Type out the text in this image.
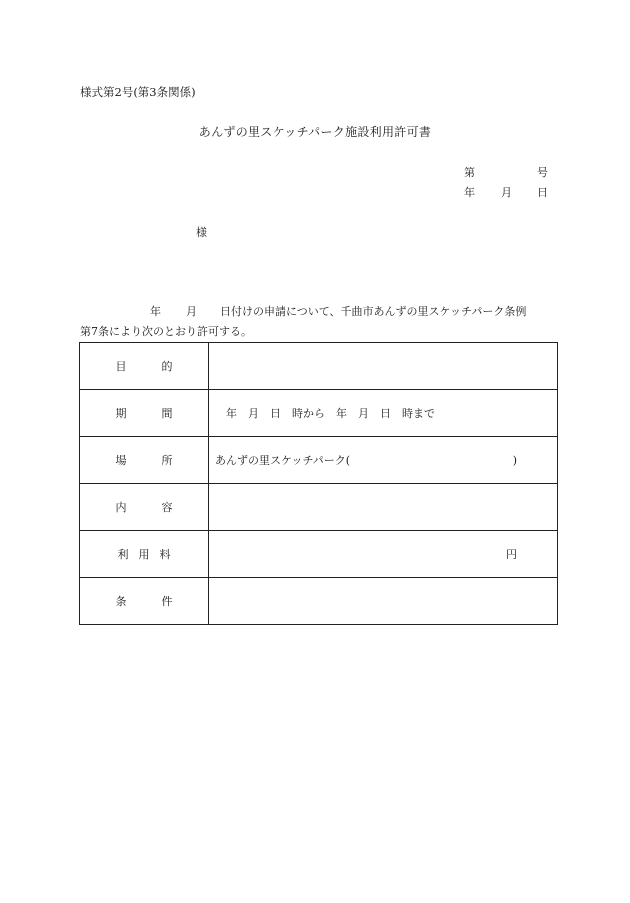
様式第2号(第3条関係)
あんずの里スケッチパーク施設利用許可書
第	号
年 月 日
様
年 月 日付けの申請について、千曲市あんずの里スケッチパーク条例
第7条により次のとおり許可する。
目的	
期間	年　月　日　時から　年　月　日　時まで
場所	あんずの里スケッチパーク( )

内容	
利用料	円

条件	
